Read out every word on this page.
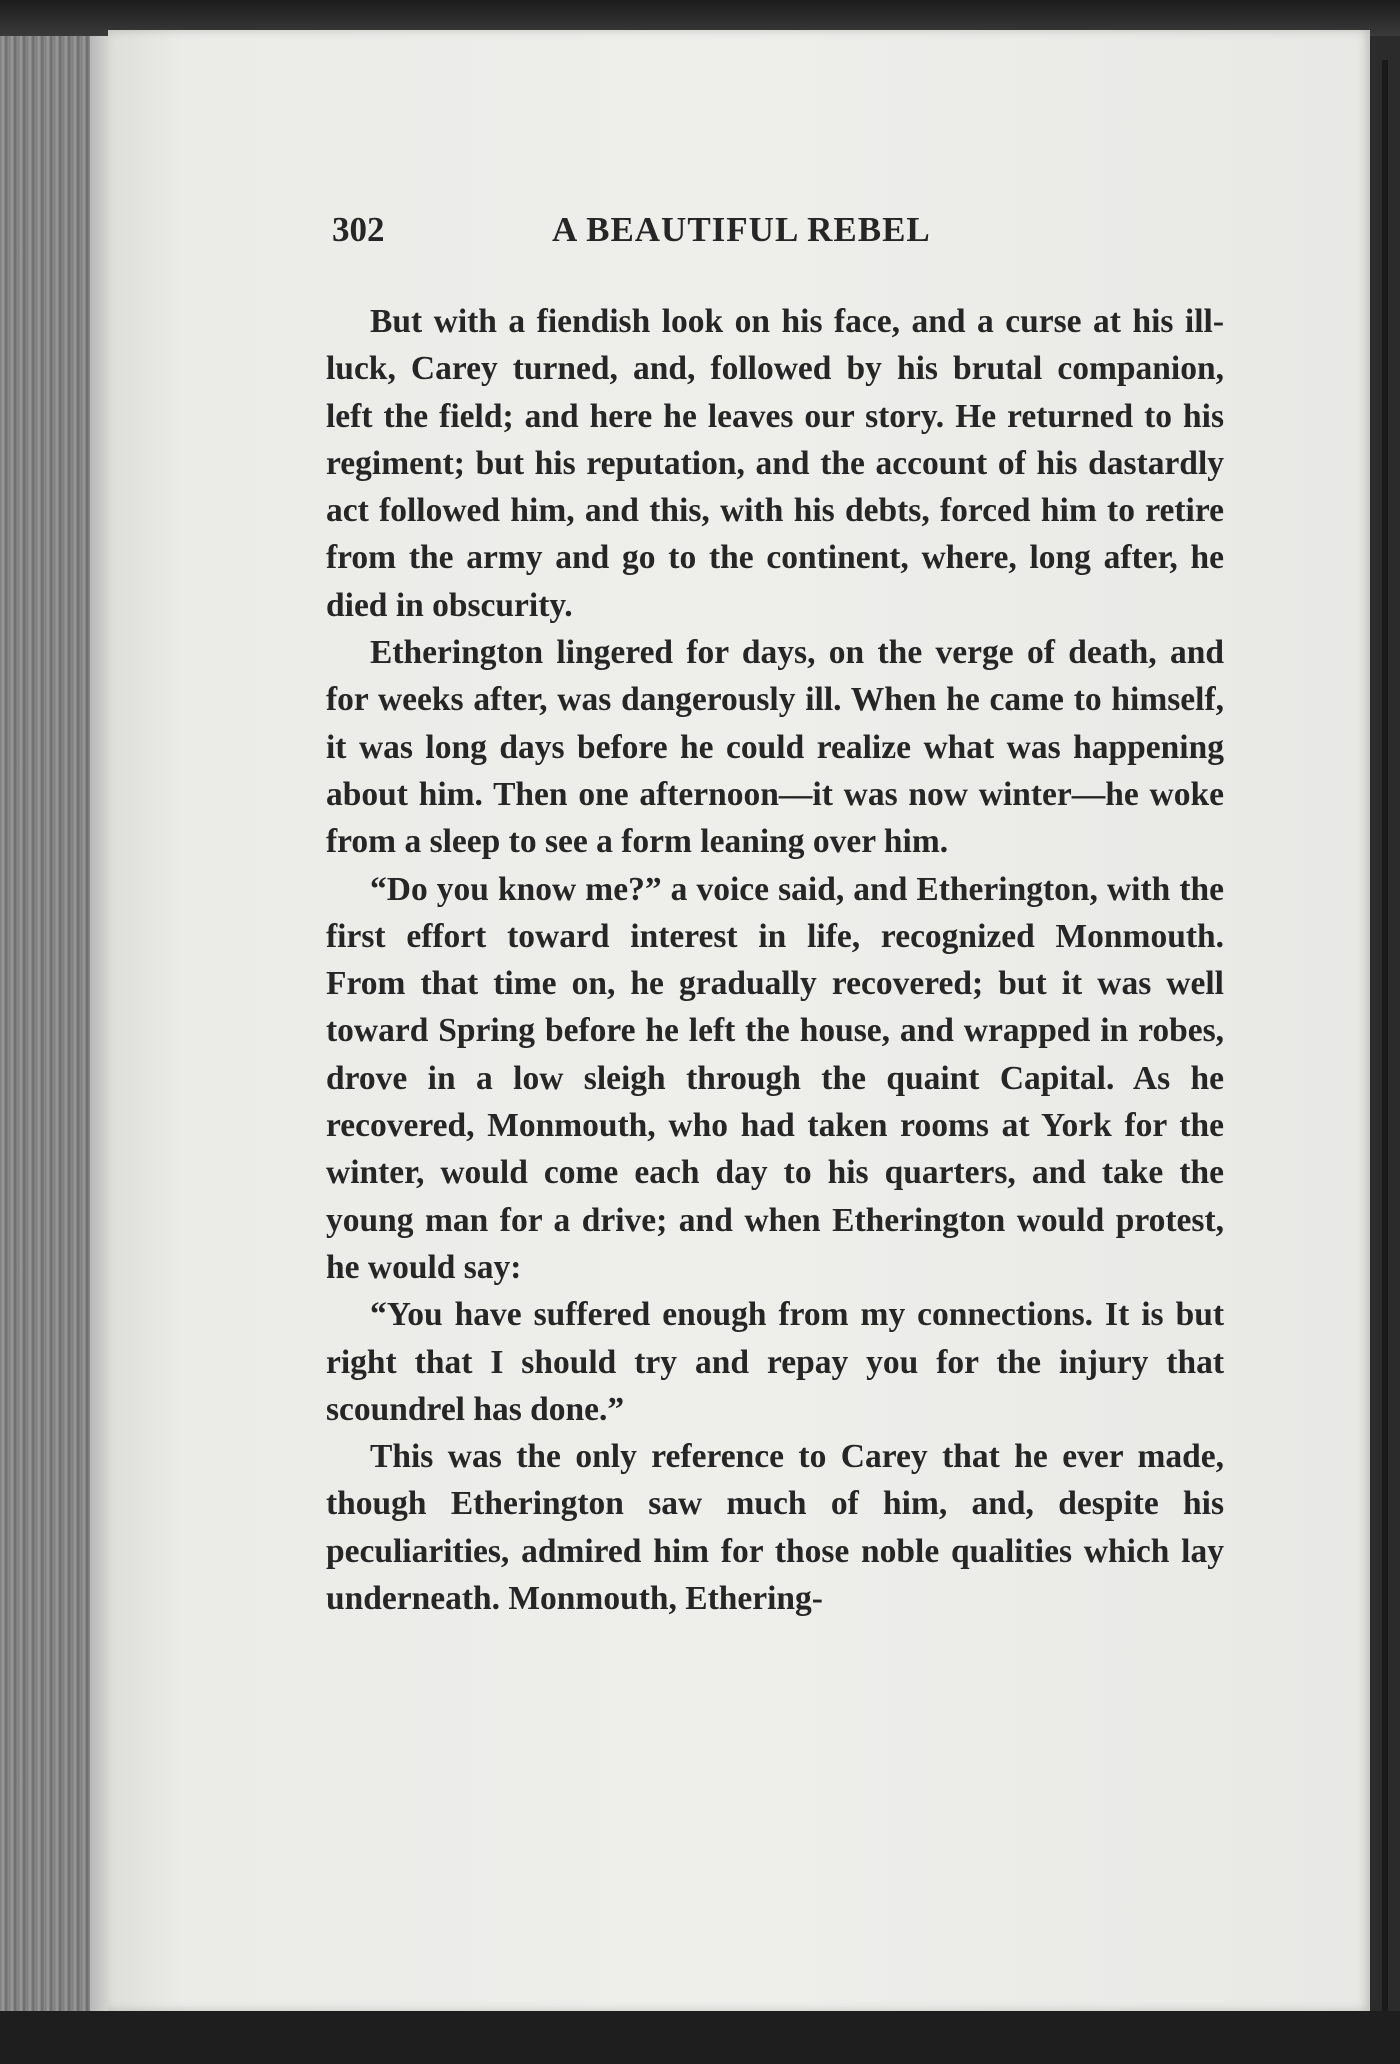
302	A BEAUTIFUL REBEL

But with a fiendish look on his face, and a curse at his ill-luck, Carey turned, and, followed by his brutal companion, left the field; and here he leaves our story. He returned to his regiment; but his reputation, and the account of his dastardly act followed him, and this, with his debts, forced him to retire from the army and go to the continent, where, long after, he died in obscurity.

Etherington lingered for days, on the verge of death, and for weeks after, was dangerously ill. When he came to himself, it was long days before he could realize what was happening about him. Then one afternoon—it was now winter—he woke from a sleep to see a form leaning over him.

“Do you know me?” a voice said, and Etherington, with the first effort toward interest in life, recognized Monmouth. From that time on, he gradually recovered; but it was well toward Spring before he left the house, and wrapped in robes, drove in a low sleigh through the quaint Capital. As he recovered, Monmouth, who had taken rooms at York for the winter, would come each day to his quarters, and take the young man for a drive; and when Etherington would protest, he would say:

“You have suffered enough from my connections. It is but right that I should try and repay you for the injury that scoundrel has done.”

This was the only reference to Carey that he ever made, though Etherington saw much of him, and, despite his peculiarities, admired him for those noble qualities which lay underneath. Monmouth, Ethering-
